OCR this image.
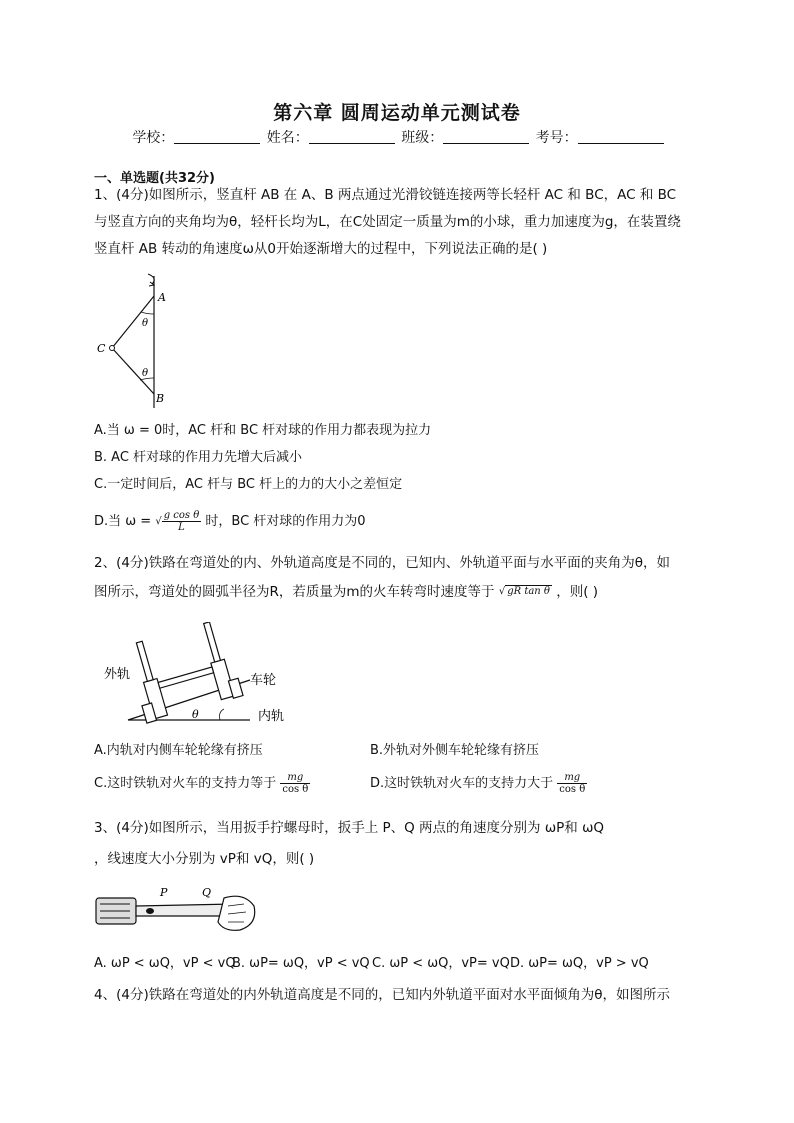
第六章 圆周运动单元测试卷
学校：	姓名：	班级：	考号：
一、单选题(共32分)
1、(4分)如图所示，竖直杆 AB 在 A、B 两点通过光滑铰链连接两等长轻杆 AC 和 BC，AC 和 BC
与竖直方向的夹角均为θ，轻杆长均为L，在C处固定一质量为m的小球，重力加速度为g，在装置绕
竖直杆 AB 转动的角速度ω从0开始逐渐增大的过程中，下列说法正确的是( )
A
B
C
θ
θ
A.当 ω = 0时，AC 杆和 BC 杆对球的作用力都表现为拉力
B. AC 杆对球的作用力先增大后减小
C.一定时间后，AC 杆与 BC 杆上的力的大小之差恒定
D.当 ω = √ $\frac{\text{g cos θ}}{L}$ 时，BC 杆对球的作用力为0
2、(4分)铁路在弯道处的内、外轨道高度是不同的，已知内、外轨道平面与水平面的夹角为θ，如
图所示，弯道处的圆弧半径为R，若质量为m的火车转弯时速度等于 √ gR tan θ ，则( )
外轨	车轮
内轨
θ
A.内轨对内侧车轮轮缘有挤压	B.外轨对外侧车轮轮缘有挤压
C.这时铁轨对火车的支持力等于 $\frac{mg}{\text{cos θ}}$	D.这时铁轨对火车的支持力大于 $\frac{mg}{\text{cos θ}}$
3、(4分)如图所示，当用扳手拧螺母时，扳手上 P、Q 两点的角速度分别为 ωP和 ωQ
，线速度大小分别为 vP和 vQ，则( )
P	Q
A. ωP < ωQ，vP < vQ
B. ωP= ωQ，vP < vQ C. ωP < ωQ，vP= vQ D. ωP= ωQ，vP > vQ
4、(4分)铁路在弯道处的内外轨道高度是不同的，已知内外轨道平面对水平面倾角为θ，如图所示
